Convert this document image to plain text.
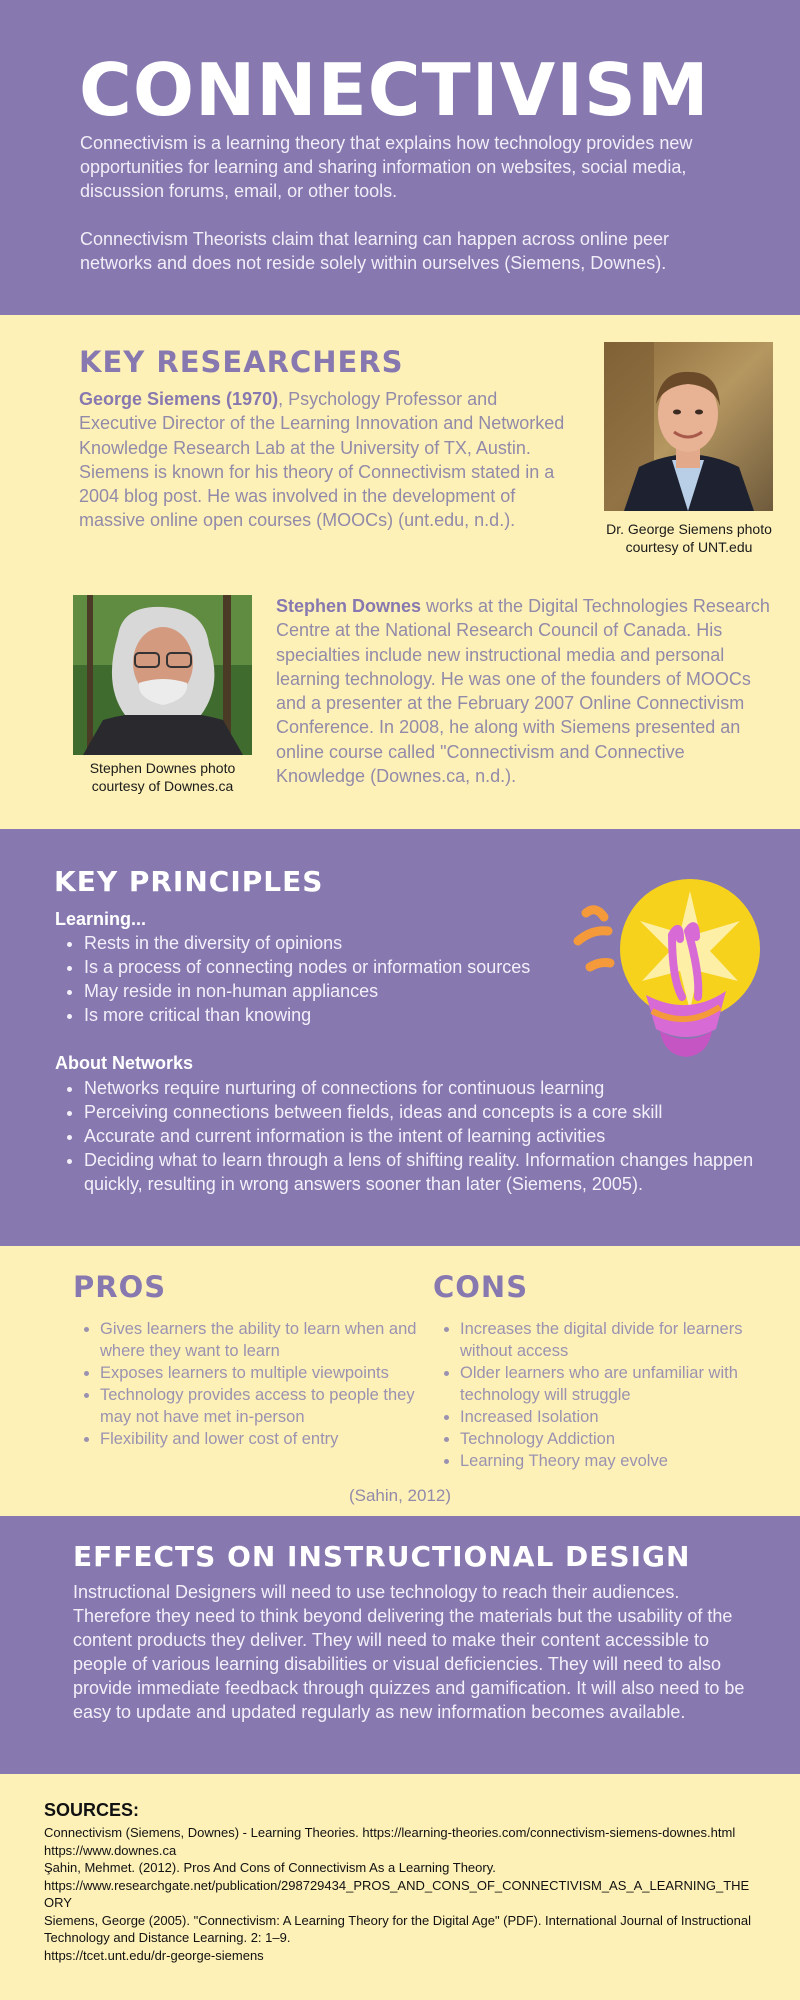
CONNECTIVISM
Connectivism is a learning theory that explains how technology provides new opportunities for learning and sharing information on websites, social media, discussion forums, email, or other tools.
Connectivism Theorists claim that learning can happen across online peer networks and does not reside solely within ourselves (Siemens, Downes).
KEY RESEARCHERS
George Siemens (1970), Psychology Professor and Executive Director of the Learning Innovation and Networked Knowledge Research Lab at the University of TX, Austin. Siemens is known for his theory of Connectivism stated in a 2004 blog post. He was involved in the development of massive online open courses (MOOCs) (unt.edu, n.d.).	Dr. George Siemens photo courtesy of UNT.edu
Stephen Downes photo courtesy of Downes.ca
Stephen Downes works at the Digital Technologies Research Centre at the National Research Council of Canada. His specialties include new instructional media and personal learning technology. He was one of the founders of MOOCs and a presenter at the February 2007 Online Connectivism Conference. In 2008, he along with Siemens presented an online course called "Connectivism and Connective Knowledge (Downes.ca, n.d.).
KEY PRINCIPLES
Learning...
• Rests in the diversity of opinions
• Is a process of connecting nodes or information sources
• May reside in non-human appliances
• Is more critical than knowing
About Networks
• Networks require nurturing of connections for continuous learning
• Perceiving connections between fields, ideas and concepts is a core skill
• Accurate and current information is the intent of learning activities
• Deciding what to learn through a lens of shifting reality. Information changes happen quickly, resulting in wrong answers sooner than later (Siemens, 2005).
PROS
• Gives learners the ability to learn when and where they want to learn
• Exposes learners to multiple viewpoints
• Technology provides access to people they may not have met in-person
• Flexibility and lower cost of entry
CONS
• Increases the digital divide for learners without access
• Older learners who are unfamiliar with technology will struggle
• Increased Isolation
• Technology Addiction
• Learning Theory may evolve
(Sahin, 2012)
EFFECTS ON INSTRUCTIONAL DESIGN
Instructional Designers will need to use technology to reach their audiences. Therefore they need to think beyond delivering the materials but the usability of the content products they deliver. They will need to make their content accessible to people of various learning disabilities or visual deficiencies. They will need to also provide immediate feedback through quizzes and gamification. It will also need to be easy to update and updated regularly as new information becomes available.
SOURCES:
Connectivism (Siemens, Downes) - Learning Theories. https://learning-theories.com/connectivism-siemens-downes.html
https://www.downes.ca
Şahin, Mehmet. (2012). Pros And Cons of Connectivism As a Learning Theory.
https://www.researchgate.net/publication/298729434_PROS_AND_CONS_OF_CONNECTIVISM_AS_A_LEARNING_THEORY
Siemens, George (2005). "Connectivism: A Learning Theory for the Digital Age" (PDF). International Journal of Instructional Technology and Distance Learning. 2: 1–9.
https://tcet.unt.edu/dr-george-siemens
